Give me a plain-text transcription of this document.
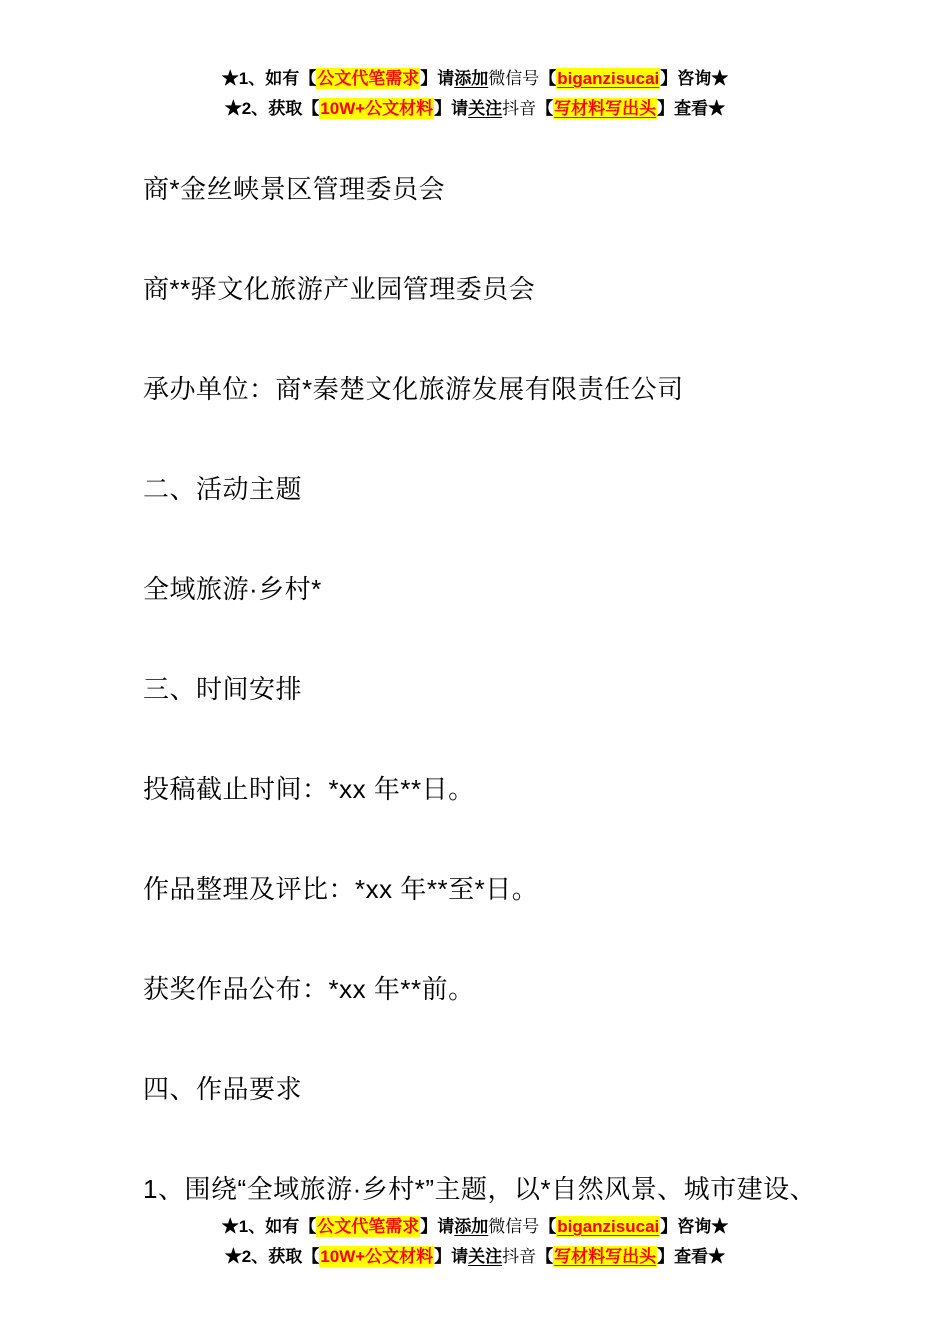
★1、如有【公文代笔需求】请添加微信号【biganzisucai】咨询★
★2、获取【10W+公文材料】请关注抖音【写材料写出头】查看★

商*金丝峡景区管理委员会

商**驿文化旅游产业园管理委员会

承办单位：商*秦楚文化旅游发展有限责任公司

二、活动主题

全域旅游·乡村*

三、时间安排

投稿截止时间：*xx 年**日。

作品整理及评比：*xx 年**至*日。

获奖作品公布：*xx 年**前。

四、作品要求

1、围绕“全域旅游·乡村*”主题，以*自然风景、城市建设、

★1、如有【公文代笔需求】请添加微信号【biganzisucai】咨询★
★2、获取【10W+公文材料】请关注抖音【写材料写出头】查看★
